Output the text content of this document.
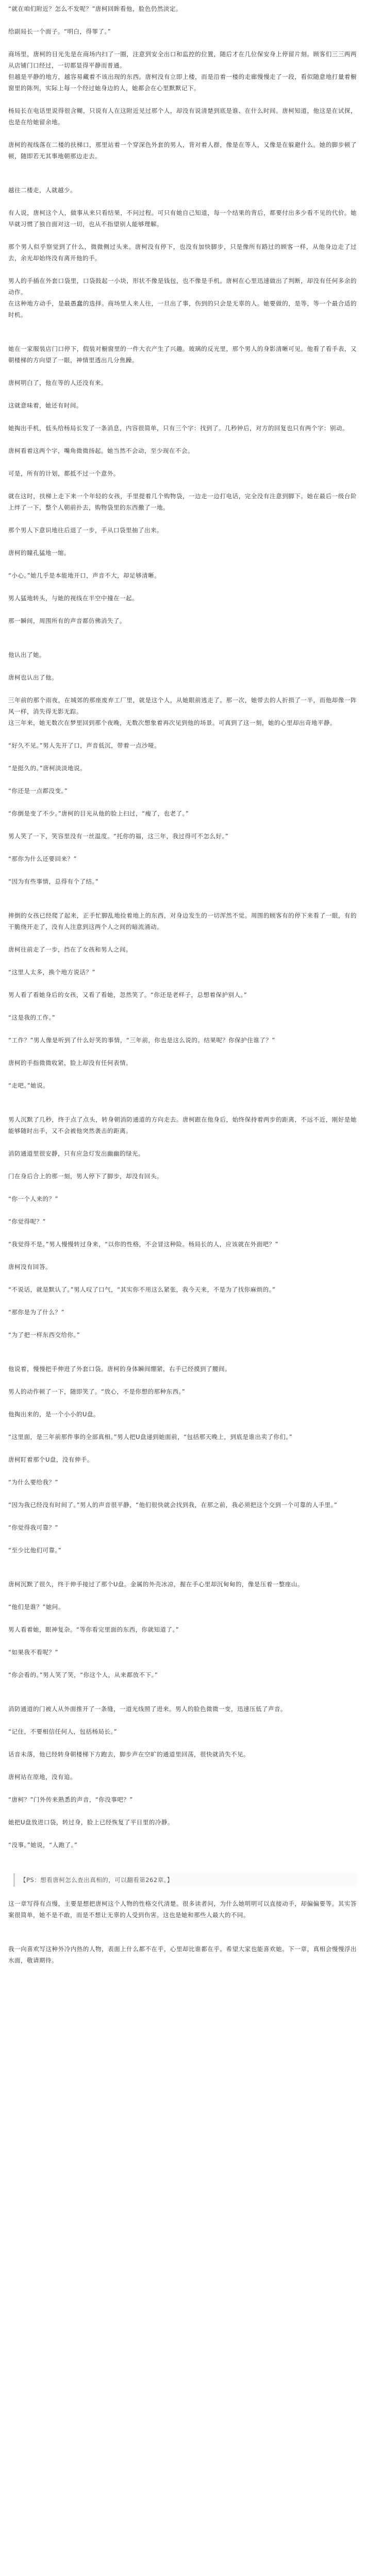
“就在咱们附近？怎么不发呢？”唐柯回眸看他，脸色仍然淡定。

给副局长一个面子。“明白，得罪了。”

商场里，唐柯的目光先是在商场内扫了一圈，注意到安全出口和监控的位置，随后才在几位保安身上停留片刻。顾客们三三两两从店铺门口经过，一切都显得平静而普通。

但越是平静的地方，越容易藏着不该出现的东西。唐柯没有立即上楼，而是沿着一楼的走廊慢慢走了一段，看似随意地打量着橱窗里的陈列，实际上每一个经过她身边的人，她都会在心里默默记下。

杨局长在电话里说得很含糊，只说有人在这附近见过那个人，却没有说清楚到底是谁、在什么时间。唐柯知道，他这是在试探，也是在给她留余地。

唐柯的视线落在二楼的扶梯口，那里站着一个穿深色外套的男人，背对着人群，像是在等人，又像是在躲避什么。她的脚步顿了顿，随即若无其事地朝那边走去。

越往二楼走，人就越少。

有人说，唐柯这个人，做事从来只看结果，不问过程。可只有她自己知道，每一个结果的背后，都要付出多少看不见的代价。她早就习惯了独自面对这一切，也从不指望别人能够理解。

那个男人似乎察觉到了什么，微微侧过头来。唐柯没有停下，也没有加快脚步，只是像所有路过的顾客一样，从他身边走了过去，余光却始终没有离开他的手。

男人的手插在外套口袋里，口袋鼓起一小块，形状不像是钱包，也不像是手机。唐柯在心里迅速做出了判断，却没有任何多余的动作。

在这种地方动手，是最愚蠢的选择。商场里人来人往，一旦出了事，伤到的只会是无辜的人。她要做的，是等，等一个最合适的时机。

她在一家服装店门口停下，假装对橱窗里的一件大衣产生了兴趣。玻璃的反光里，那个男人的身影清晰可见。他看了看手表，又朝楼梯的方向望了一眼，神情里透出几分焦躁。

唐柯明白了，他在等的人还没有来。

这就意味着，她还有时间。

她掏出手机，低头给杨局长发了一条消息，内容很简单，只有三个字：找到了。几秒钟后，对方的回复也只有两个字：别动。

唐柯看着这两个字，嘴角微微扬起。她当然不会动，至少现在不会。

可是，所有的计划，都抵不过一个意外。

就在这时，扶梯上走下来一个年轻的女孩，手里提着几个购物袋，一边走一边打电话，完全没有注意到脚下。她在最后一级台阶上绊了一下，整个人朝前扑去，购物袋里的东西撒了一地。

那个男人下意识地往后退了一步，手从口袋里抽了出来。

唐柯的瞳孔猛地一缩。

“小心。”她几乎是本能地开口，声音不大，却足够清晰。

男人猛地转头，与她的视线在半空中撞在一起。

那一瞬间，周围所有的声音都仿佛消失了。

他认出了她。

唐柯也认出了他。

三年前的那个雨夜，在城郊的那座废弃工厂里，就是这个人，从她眼前逃走了。那一次，她带去的人折损了一半，而他却像一阵风一样，消失得无影无踪。

这三年来，她无数次在梦里回到那个夜晚，无数次想象着再次见到他的场景。可真到了这一刻，她的心里却出奇地平静。

“好久不见。”男人先开了口，声音低沉，带着一点沙哑。

“是挺久的。”唐柯淡淡地说。

“你还是一点都没变。”

“你倒是变了不少。”唐柯的目光从他的脸上扫过，“瘦了，也老了。”

男人笑了一下，笑容里没有一丝温度。“托你的福，这三年，我过得可不怎么好。”

“那你为什么还要回来？”

“因为有些事情，总得有个了结。”

摔倒的女孩已经爬了起来，正手忙脚乱地捡着地上的东西，对身边发生的一切浑然不觉。周围的顾客有的停下来看了一眼，有的干脆绕开走了，没有人注意到这两个人之间的暗流涌动。

唐柯往前走了一步，挡在了女孩和男人之间。

“这里人太多，换个地方说话？”

男人看了看她身后的女孩，又看了看她，忽然笑了。“你还是老样子，总想着保护别人。”

“这是我的工作。”

“工作？”男人像是听到了什么好笑的事情，“三年前，你也是这么说的。结果呢？你保护住谁了？”

唐柯的手指微微收紧，脸上却没有任何表情。

“走吧。”她说。

男人沉默了几秒，终于点了点头，转身朝消防通道的方向走去。唐柯跟在他身后，始终保持着两步的距离，不远不近，刚好是她能够随时出手，又不会被他突然袭击的距离。

消防通道里很安静，只有应急灯发出幽幽的绿光。

门在身后合上的那一刻，男人停下了脚步，却没有回头。

“你一个人来的？”

“你觉得呢？”

“我觉得不是。”男人慢慢转过身来，“以你的性格，不会冒这种险。杨局长的人，应该就在外面吧？”

唐柯没有回答。

“不说话，就是默认了。”男人叹了口气，“其实你不用这么紧张，我今天来，不是为了找你麻烦的。”

“那你是为了什么？”

“为了把一样东西交给你。”

他说着，慢慢把手伸进了外套口袋。唐柯的身体瞬间绷紧，右手已经摸到了腰间。

男人的动作顿了一下，随即笑了。“放心，不是你想的那种东西。”

他掏出来的，是一个小小的U盘。

“这里面，是三年前那件事的全部真相。”男人把U盘递到她面前，“包括那天晚上，到底是谁出卖了你们。”

唐柯盯着那个U盘，没有伸手。

“为什么要给我？”

“因为我已经没有时间了。”男人的声音很平静，“他们很快就会找到我，在那之前，我必须把这个交到一个可靠的人手里。”

“你觉得我可靠？”

“至少比他们可靠。”

唐柯沉默了很久，终于伸手接过了那个U盘。金属的外壳冰凉，握在手心里却沉甸甸的，像是压着一整座山。

“他们是谁？”她问。

男人看着她，眼神复杂。“等你看完里面的东西，你就知道了。”

“如果我不看呢？”

“你会看的。”男人笑了笑，“你这个人，从来都放不下。”

消防通道的门被人从外面推开了一条缝，一道光线照了进来。男人的脸色微微一变，迅速压低了声音。

“记住，不要相信任何人，包括杨局长。”

话音未落，他已经转身朝楼梯下方跑去，脚步声在空旷的通道里回荡，很快就消失不见。

唐柯站在原地，没有追。

“唐柯？”门外传来熟悉的声音，“你没事吧？”

她把U盘放进口袋，转过身，脸上已经恢复了平日里的冷静。

“没事。”她说，“人跑了。”

【PS：想看唐柯怎么查出真相的，可以翻看第262章。】

这一章写得有点慢，主要是想把唐柯这个人物的性格交代清楚。很多读者问，为什么她明明可以直接动手，却偏偏要等。其实答案很简单，她不是不敢，而是不想让无辜的人受到伤害。这也是她和那些人最大的不同。

我一向喜欢写这种外冷内热的人物，表面上什么都不在乎，心里却比谁都在乎。希望大家也能喜欢她。下一章，真相会慢慢浮出水面，敬请期待。
